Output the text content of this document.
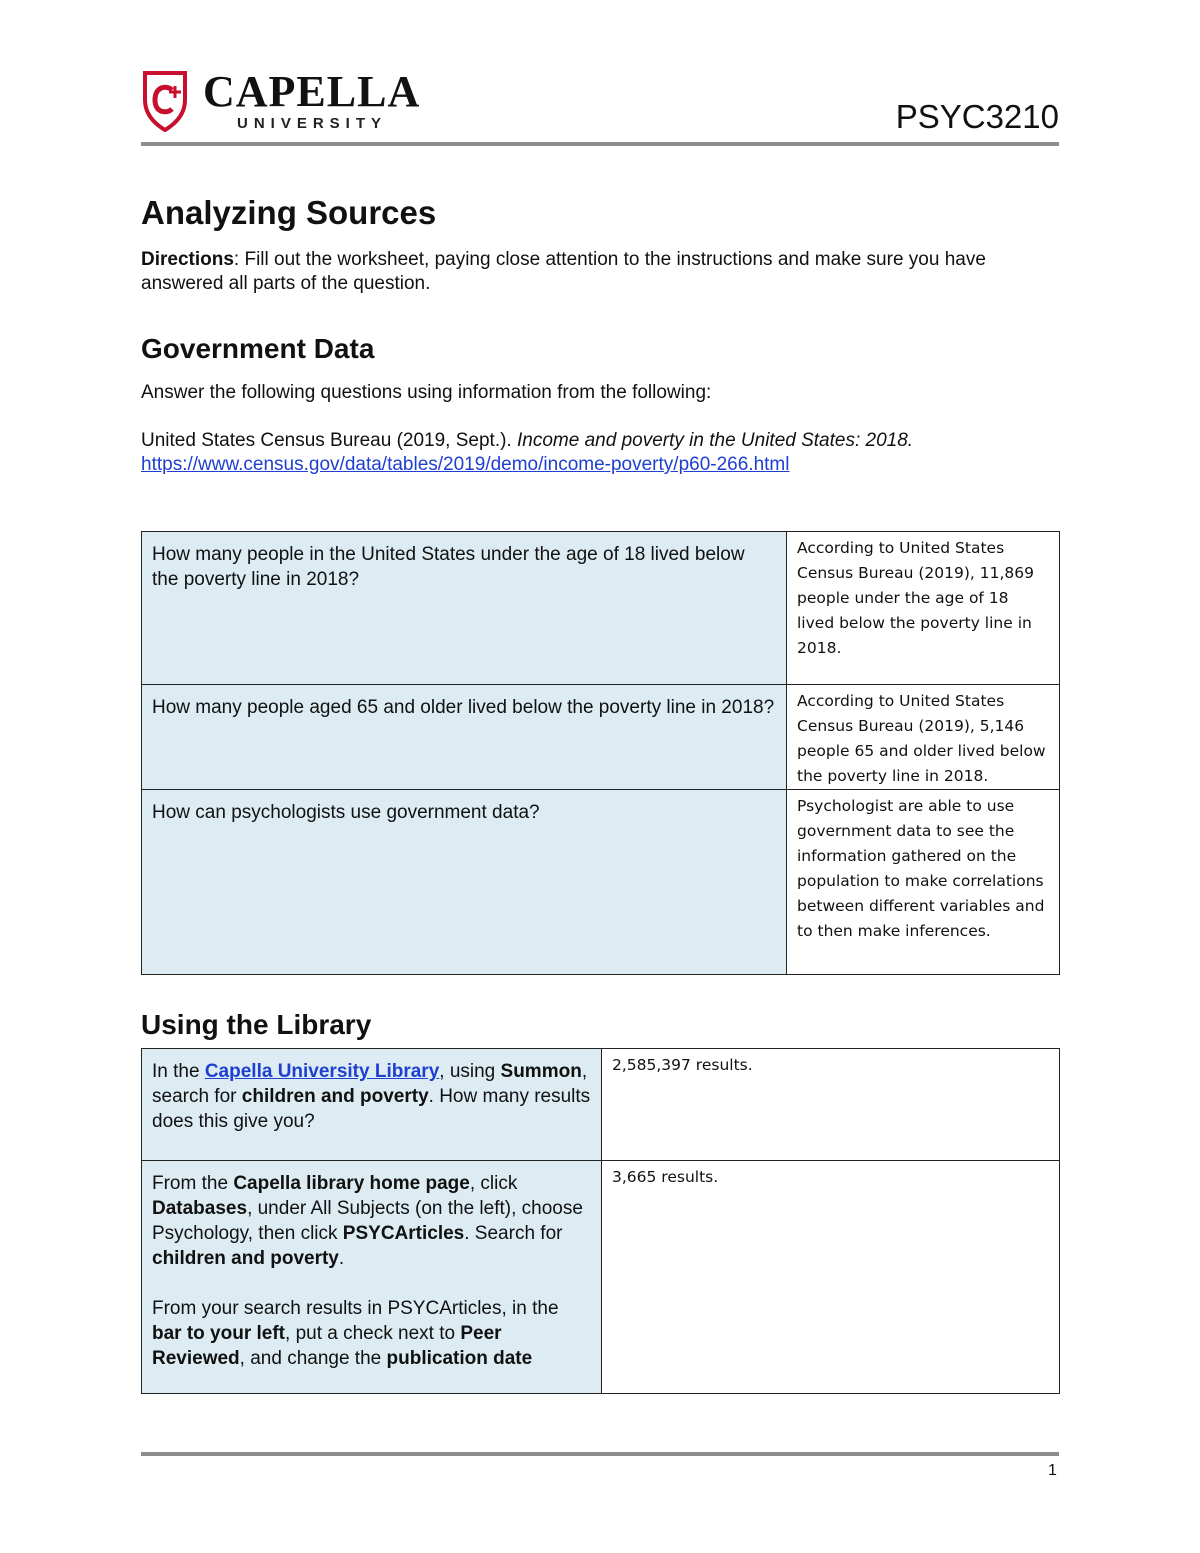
CAPELLA
UNIVERSITY	PSYC3210
Analyzing Sources

Directions: Fill out the worksheet, paying close attention to the instructions and make sure you have answered all parts of the question.

Government Data

Answer the following questions using information from the following:

United States Census Bureau (2019, Sept.). Income and poverty in the United States: 2018.
https://www.census.gov/data/tables/2019/demo/income-poverty/p60-266.html

How many people in the United States under the age of 18 lived below the poverty line in 2018?	According to United States Census Bureau (2019), 11,869 people under the age of 18 lived below the poverty line in 2018.

How many people aged 65 and older lived below the poverty line in 2018?	According to United States Census Bureau (2019), 5,146 people 65 and older lived below the poverty line in 2018.

How can psychologists use government data?	Psychologist are able to use government data to see the information gathered on the population to make correlations between different variables and to then make inferences.
Using the Library
In the Capella University Library, using Summon, search for children and poverty. How many results does this give you?	2,585,397 results.

From the Capella library home page, click Databases, under All Subjects (on the left), choose Psychology, then click PSYCArticles. Search for children and poverty.

From your search results in PSYCArticles, in the bar to your left, put a check next to Peer Reviewed, and change the publication date	3,665 results.
1
